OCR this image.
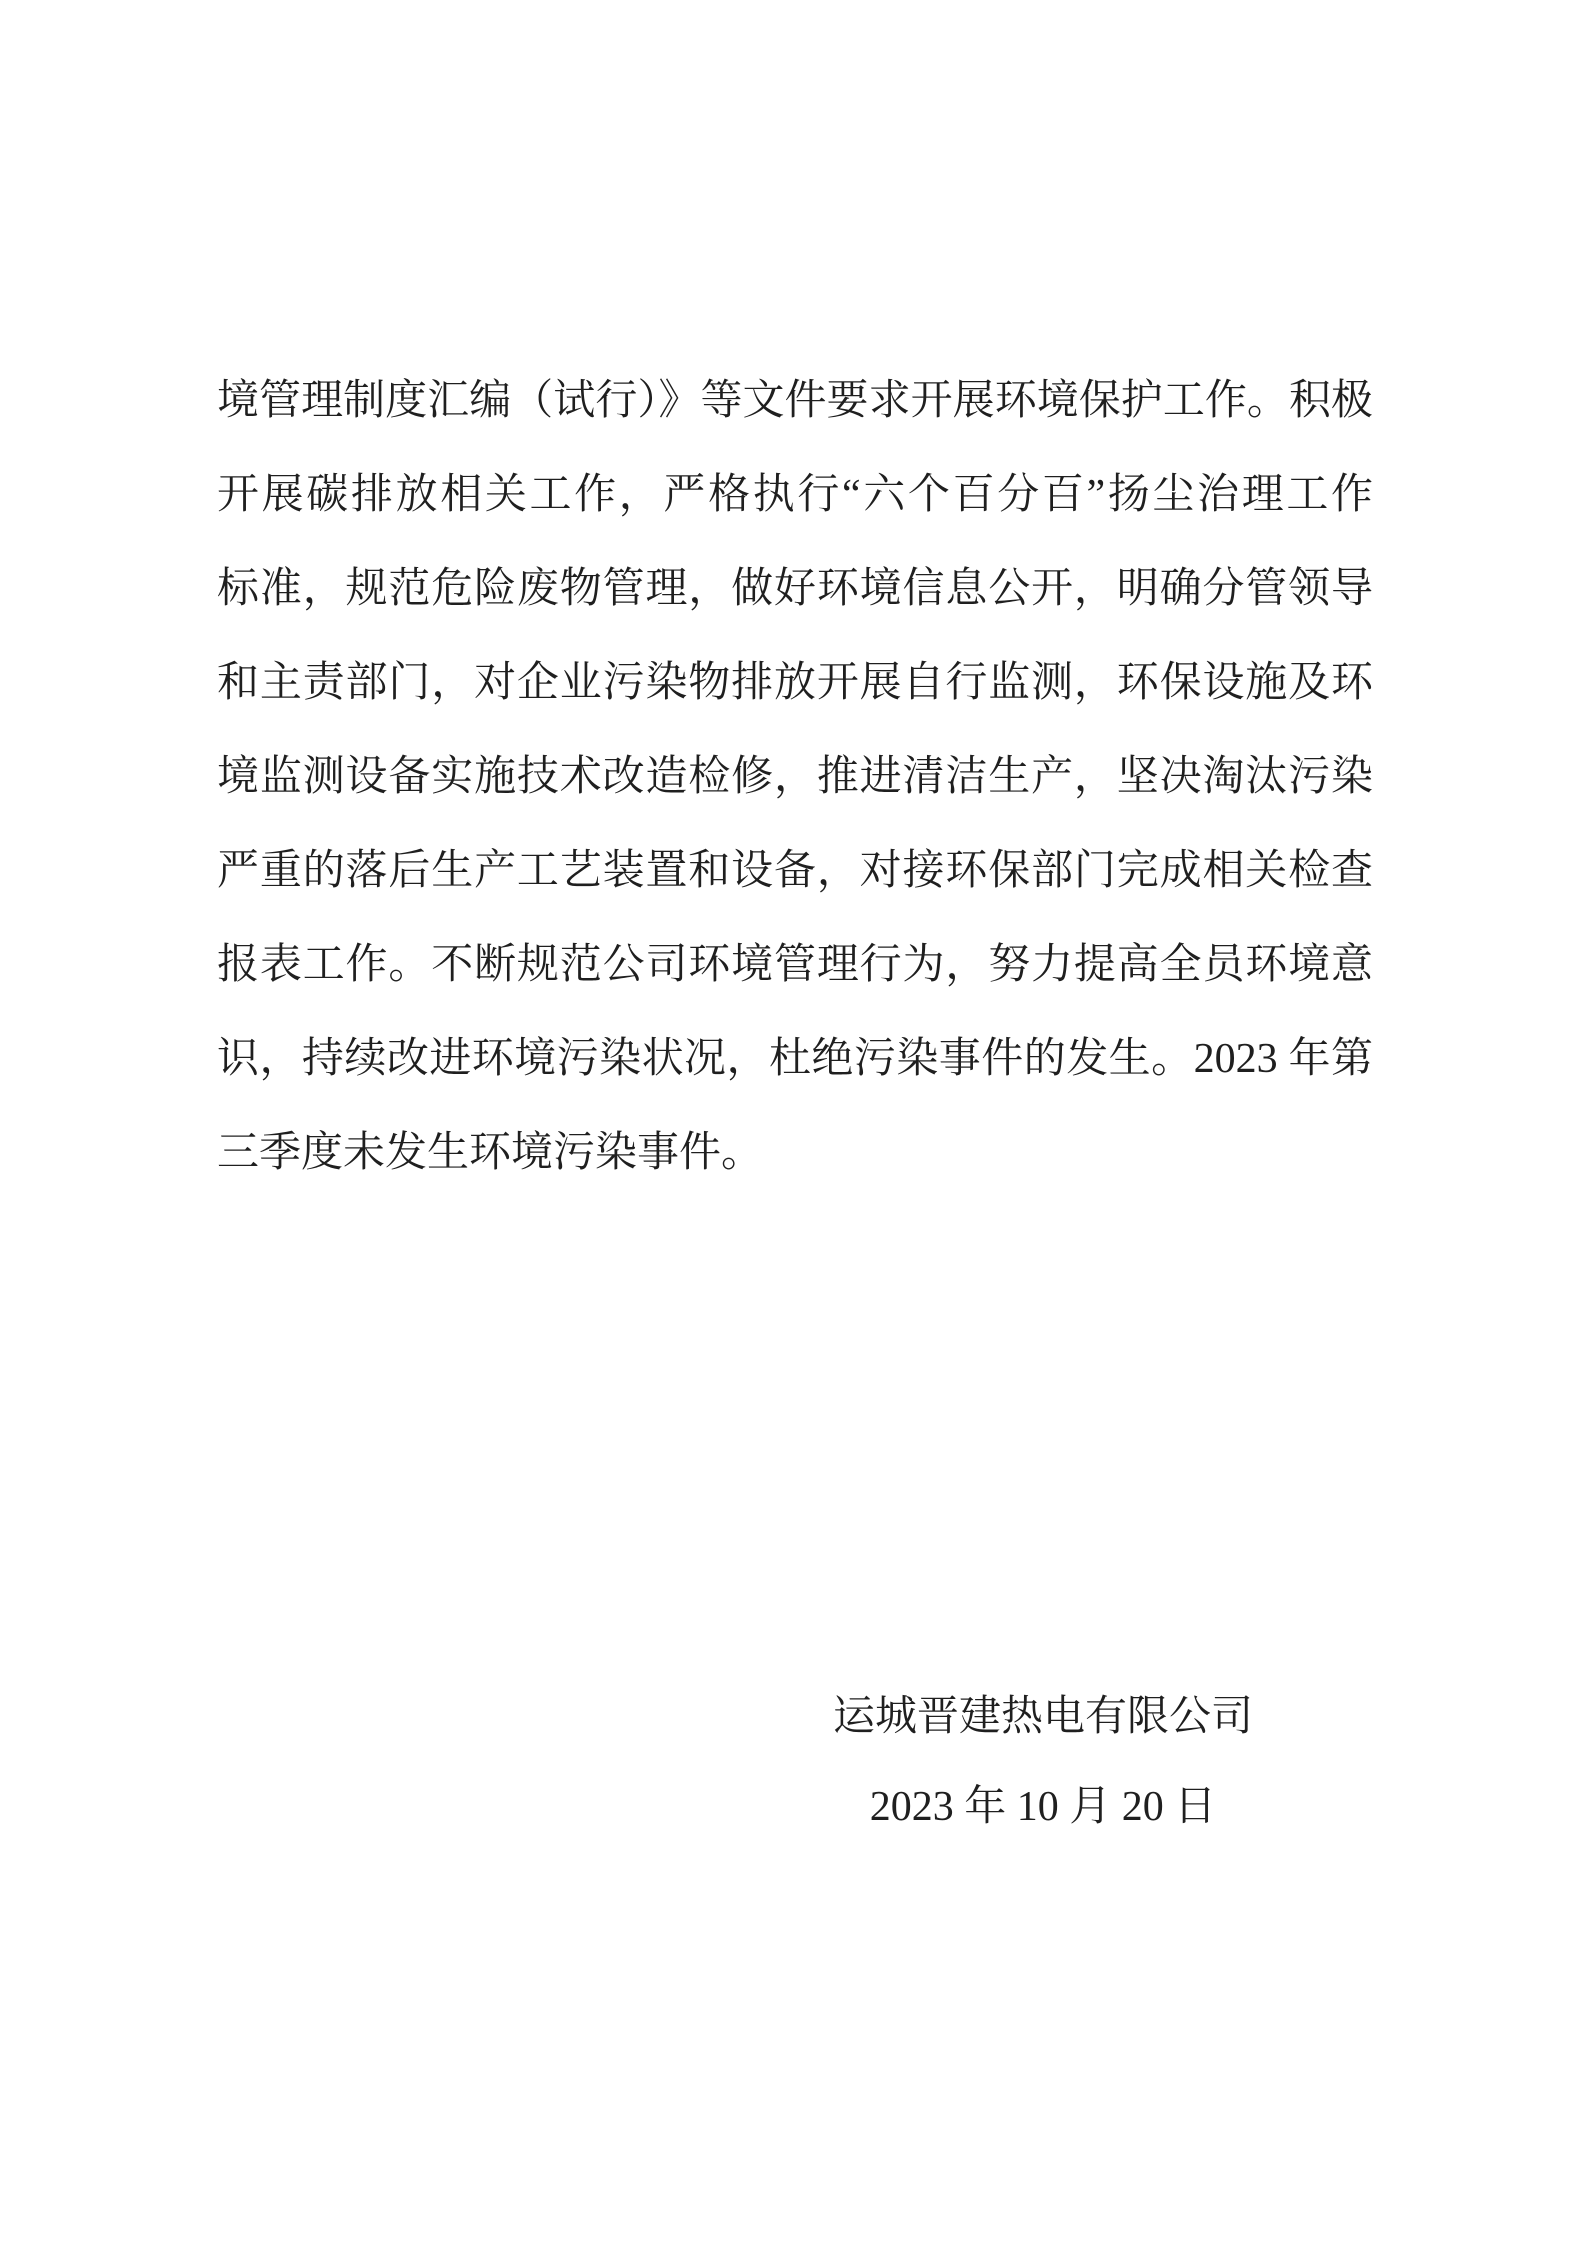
境管理制度汇编（试行）》等文件要求开展环境保护工作。积极
开展碳排放相关工作，严格执行“六个百分百”扬尘治理工作
标准，规范危险废物管理，做好环境信息公开，明确分管领导
和主责部门，对企业污染物排放开展自行监测，环保设施及环
境监测设备实施技术改造检修，推进清洁生产，坚决淘汰污染
严重的落后生产工艺装置和设备，对接环保部门完成相关检查
报表工作。不断规范公司环境管理行为，努力提高全员环境意
识，持续改进环境污染状况，杜绝污染事件的发生。2023 年第
三季度未发生环境污染事件。
运城晋建热电有限公司
2023 年 10 月 20 日
